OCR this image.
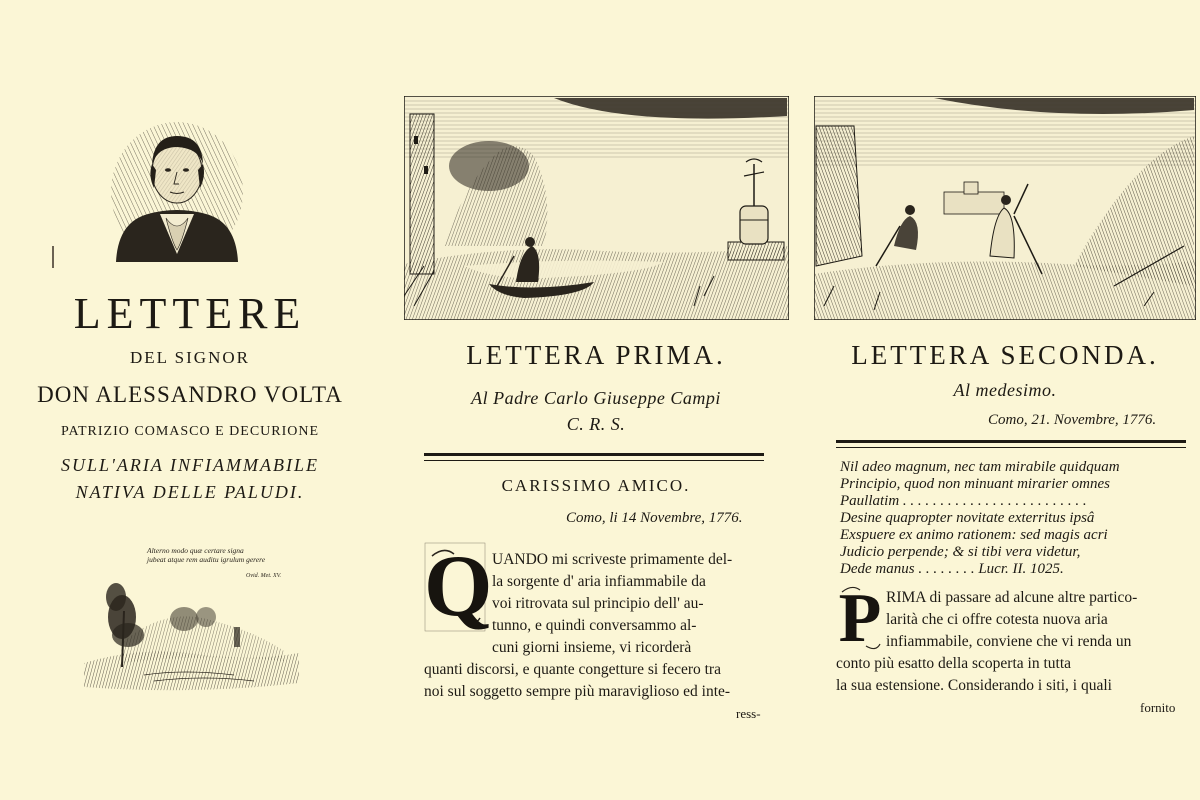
LETTERE
DEL SIGNOR
DON ALESSANDRO VOLTA
PATRIZIO COMASCO E DECURIONE
SULL'ARIA INFIAMMABILE
NATIVA DELLE PALUDI.
Alterno modo quæ certare signa
jubeat atque rem auditu igrulum gerere
Ovid. Met. XV.
LETTERA PRIMA.
Al Padre Carlo Giuseppe Campi
C. R. S.
CARISSIMO AMICO.
Como, li 14 Novembre, 1776.
Q UANDO mi scriveste primamente del-
la sorgente d' aria infiammabile da
voi ritrovata sul principio dell' au-
tunno, e quindi conversammo al-
cuni giorni insieme, vi ricorderà
quanti discorsi, e quante congetture si fecero tra
noi sul soggetto sempre più maraviglioso ed inte-
ress-
LETTERA SECONDA.
Al medesimo.
Como, 21. Novembre, 1776.
Nil adeo magnum, nec tam mirabile quidquam
Principio, quod non minuant mirarier omnes
Paullatim . . . . . . . . . . . . . . . . . . . . . . . . .
Desine quapropter novitate exterritus ipsâ
Exspuere ex animo rationem: sed magis acri
Judicio perpende; & si tibi vera videtur,
Dede manus . . . . . . . . Lucr. II. 1025.
P RIMA di passare ad alcune altre partico-
larità che ci offre cotesta nuova aria
infiammabile, conviene che vi renda un
conto più esatto della scoperta in tutta
la sua estensione. Considerando i siti, i quali
fornito
